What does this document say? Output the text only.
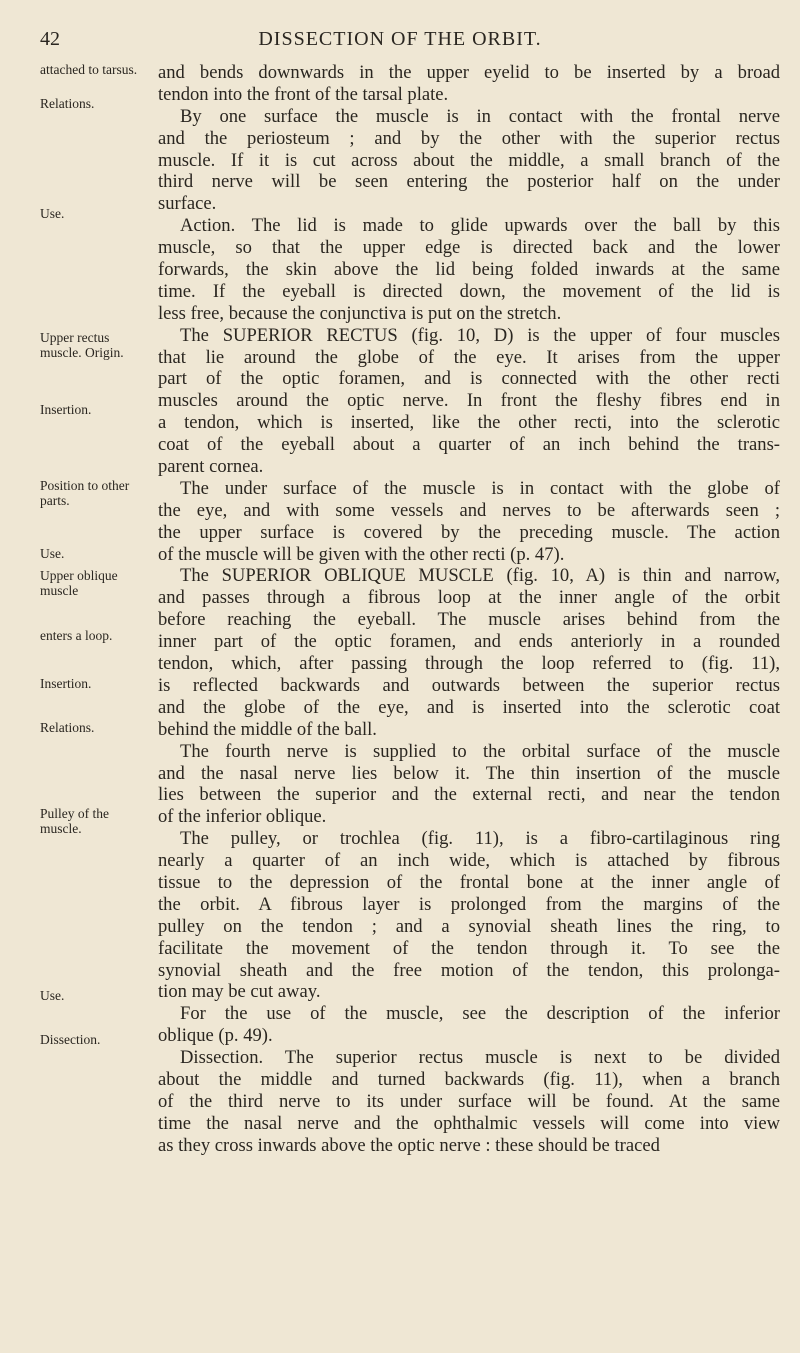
42	DISSECTION OF THE ORBIT.
attached to tarsus.
Relations.
Use.
Upper rectus muscle. Origin.
Insertion.
Position to other parts.
Use.
Upper oblique muscle
enters a loop.
Insertion.
Relations.
Pulley of the muscle.
Use.
Dissection.
and bends downwards in the upper eyelid to be inserted by a broad
tendon into the front of the tarsal plate.
By one surface the muscle is in contact with the frontal nerve
and the periosteum ; and by the other with the superior rectus
muscle. If it is cut across about the middle, a small branch of the
third nerve will be seen entering the posterior half on the under
surface.
Action. The lid is made to glide upwards over the ball by this
muscle, so that the upper edge is directed back and the lower
forwards, the skin above the lid being folded inwards at the same
time. If the eyeball is directed down, the movement of the lid is
less free, because the conjunctiva is put on the stretch.
The SUPERIOR RECTUS (fig. 10, D) is the upper of four muscles
that lie around the globe of the eye. It arises from the upper
part of the optic foramen, and is connected with the other recti
muscles around the optic nerve. In front the fleshy fibres end in
a tendon, which is inserted, like the other recti, into the sclerotic
coat of the eyeball about a quarter of an inch behind the trans-
parent cornea.
The under surface of the muscle is in contact with the globe of
the eye, and with some vessels and nerves to be afterwards seen ;
the upper surface is covered by the preceding muscle. The action
of the muscle will be given with the other recti (p. 47).
The SUPERIOR OBLIQUE MUSCLE (fig. 10, A) is thin and narrow,
and passes through a fibrous loop at the inner angle of the orbit
before reaching the eyeball. The muscle arises behind from the
inner part of the optic foramen, and ends anteriorly in a rounded
tendon, which, after passing through the loop referred to (fig. 11),
is reflected backwards and outwards between the superior rectus
and the globe of the eye, and is inserted into the sclerotic coat
behind the middle of the ball.
The fourth nerve is supplied to the orbital surface of the muscle
and the nasal nerve lies below it. The thin insertion of the muscle
lies between the superior and the external recti, and near the tendon
of the inferior oblique.
The pulley, or trochlea (fig. 11), is a fibro-cartilaginous ring
nearly a quarter of an inch wide, which is attached by fibrous
tissue to the depression of the frontal bone at the inner angle of
the orbit. A fibrous layer is prolonged from the margins of the
pulley on the tendon ; and a synovial sheath lines the ring, to
facilitate the movement of the tendon through it. To see the
synovial sheath and the free motion of the tendon, this prolonga-
tion may be cut away.
For the use of the muscle, see the description of the inferior
oblique (p. 49).
Dissection. The superior rectus muscle is next to be divided
about the middle and turned backwards (fig. 11), when a branch
of the third nerve to its under surface will be found. At the same
time the nasal nerve and the ophthalmic vessels will come into view
as they cross inwards above the optic nerve : these should be traced
